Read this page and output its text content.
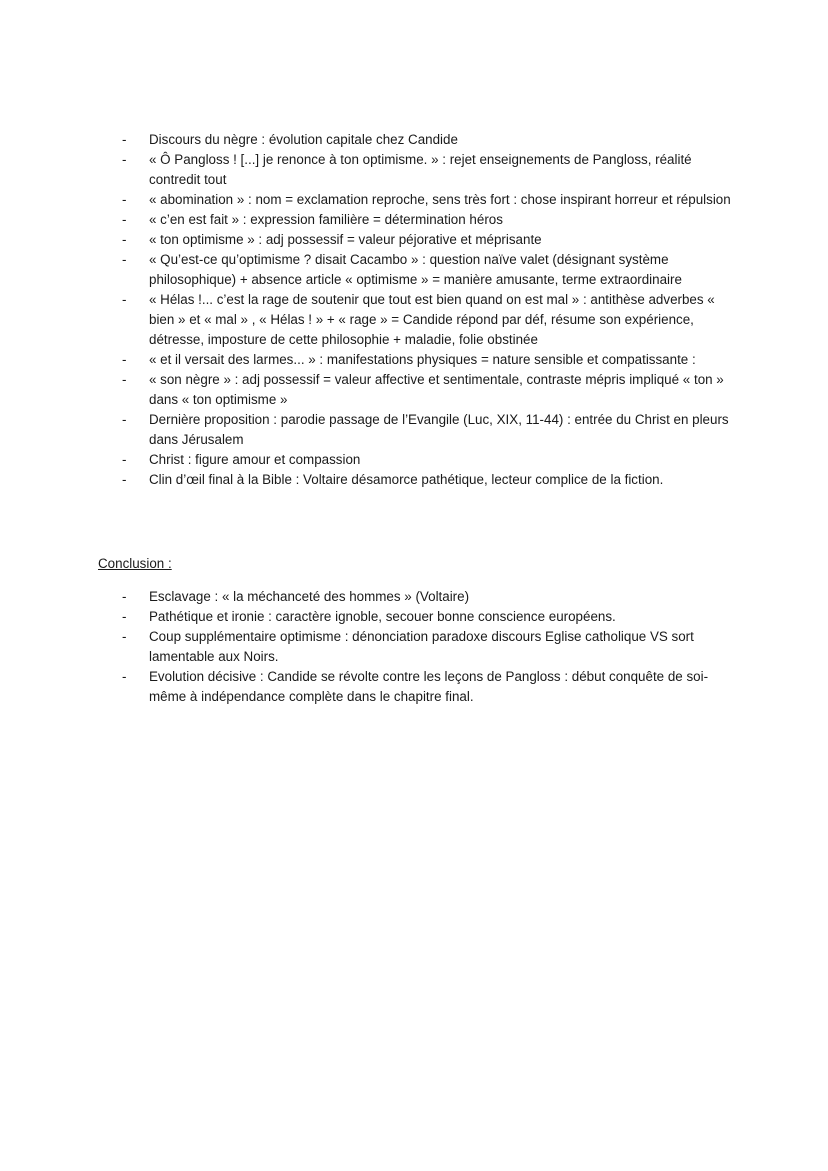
-	Discours du nègre : évolution capitale chez Candide
-	« Ô Pangloss ! [...] je renonce à ton optimisme. » : rejet enseignements de Pangloss, réalité contredit tout
-	« abomination » : nom = exclamation reproche, sens très fort : chose inspirant horreur et répulsion
-	« c’en est fait » : expression familière = détermination héros
-	« ton optimisme » : adj possessif = valeur péjorative et méprisante
-	« Qu’est-ce qu’optimisme ? disait Cacambo » : question naïve valet (désignant système philosophique) + absence article « optimisme » = manière amusante, terme extraordinaire
-	« Hélas !... c’est la rage de soutenir que tout est bien quand on est mal » : antithèse adverbes « bien » et « mal » , « Hélas ! » + « rage » = Candide répond par déf, résume son expérience, détresse, imposture de cette philosophie + maladie, folie obstinée
-	« et il versait des larmes... » : manifestations physiques = nature sensible et compatissante :
-	« son nègre » : adj possessif = valeur affective et sentimentale, contraste mépris impliqué « ton » dans « ton optimisme »
-	Dernière proposition : parodie passage de l’Evangile (Luc, XIX, 11-44) : entrée du Christ en pleurs dans Jérusalem
-	Christ : figure amour et compassion
-	Clin d’œil final à la Bible : Voltaire désamorce pathétique, lecteur complice de la fiction.
Conclusion :
-	Esclavage : « la méchanceté des hommes » (Voltaire)
-	Pathétique et ironie : caractère ignoble, secouer bonne conscience européens.
-	Coup supplémentaire optimisme : dénonciation paradoxe discours Eglise catholique VS sort lamentable aux Noirs.
-	Evolution décisive : Candide se révolte contre les leçons de Pangloss : début conquête de soi-même à indépendance complète dans le chapitre final.
